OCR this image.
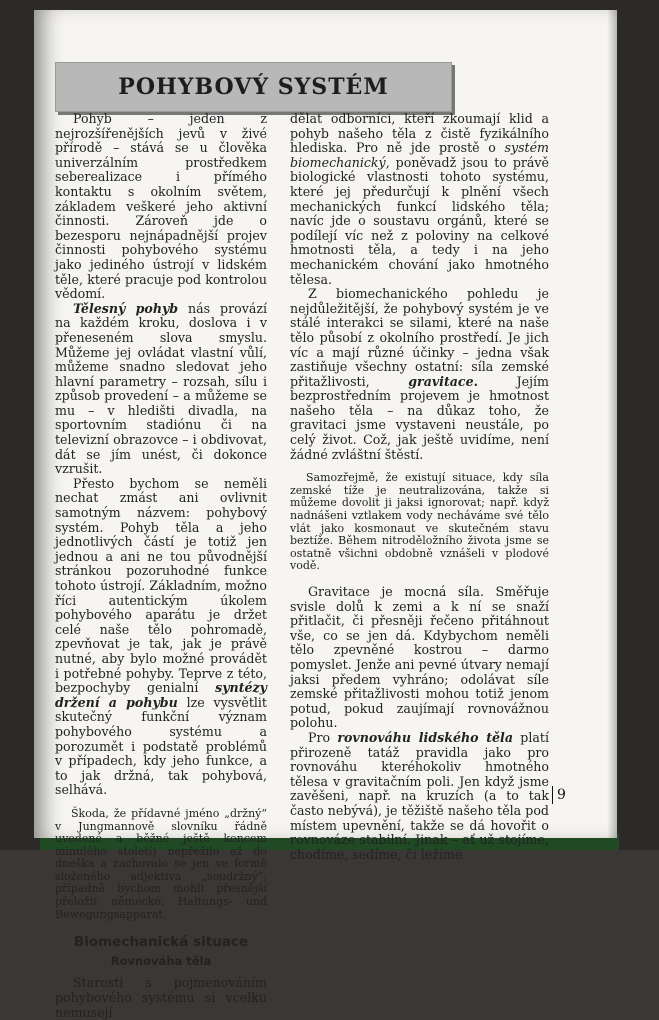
POHYBOVÝ SYSTÉM

Pohyb – jeden z nejrozšířenějších jevů v živé přírodě – stává se u člověka univerzálním prostředkem seberealizace i přímého kontaktu s okolním světem, základem veškeré jeho aktivní činnosti. Zároveň jde o bezesporu nejnápadnější projev činnosti pohybového systému jako jediného ústrojí v lidském těle, které pracuje pod kontrolou vědomí.

Tělesný pohyb nás provází na každém kroku, doslova i v přeneseném slova smyslu. Můžeme jej ovládat vlastní vůlí, můžeme snadno sledovat jeho hlavní parametry – rozsah, sílu i způsob provedení – a můžeme se mu – v hledišti divadla, na sportovním stadiónu či na televizní obrazovce – i obdivovat, dát se jím unést, či dokonce vzrušit.

Přesto bychom se neměli nechat zmást ani ovlivnit samotným názvem: pohybový systém. Pohyb těla a jeho jednotlivých částí je totiž jen jednou a ani ne tou původnější stránkou pozoruhodné funkce tohoto ústrojí. Základním, možno říci autentickým úkolem pohybového aparátu je držet celé naše tělo pohromadě, zpevňovat je tak, jak je právě nutné, aby bylo možné provádět i potřebné pohyby. Teprve z této, bezpochyby genialní syntézy držení a pohybu lze vysvětlit skutečný funkční význam pohybového systému a porozumět i podstatě problémů v případech, kdy jeho funkce, a to jak držná, tak pohybová, selhává.

Škoda, že přídavné jméno „držný“ v Jungmannově slovníku řádně uvedené a běžné ještě koncem minulého století) nepřežilo až do dneška a zachovalo se jen ve formě složeného adjektiva „soudržný“; případně bychom mohli přesnější přeložit německé: Haltungs- und Bewegungsapparat.

Biomechanická situace
Rovnováha těla

Starosti s pojmenováním pohybového systému si vcelku nemusejí

dělat odborníci, kteří zkoumají klid a pohyb našeho těla z čistě fyzikálního hlediska. Pro ně jde prostě o systém biomechanický, poněvadž jsou to právě biologické vlastnosti tohoto systému, které jej předurčují k plnění všech mechanických funkcí lidského těla; navíc jde o soustavu orgánů, které se podílejí víc než z poloviny na celkové hmotnosti těla, a tedy i na jeho mechanickém chování jako hmotného tělesa.

Z biomechanického pohledu je nejdůležitější, že pohybový systém je ve stálé interakci se silami, které na naše tělo působí z okolního prostředí. Je jich víc a mají různé účinky – jedna však zastiňuje všechny ostatní: síla zemské přitažlivosti, gravitace. Jejím bezprostředním projevem je hmotnost našeho těla – na důkaz toho, že gravitaci jsme vystaveni neustále, po celý život. Což, jak ještě uvidíme, není žádné zvláštní štěstí.

Samozřejmě, že existují situace, kdy síla zemské tíže je neutralizována, takže si můžeme dovolit ji jaksi ignorovat; např. když nadnášeni vztlakem vody necháváme své tělo vlát jako kosmonaut ve skutečném stavu beztíže. Během nitroděložního života jsme se ostatně všichni obdobně vznášeli v plodové vodě.

Gravitace je mocná síla. Směřuje svisle dolů k zemi a k ní se snaží přitlačit, či přesněji řečeno přitáhnout vše, co se jen dá. Kdybychom neměli tělo zpevněné kostrou – darmo pomyslet. Jenže ani pevné útvary nemají jaksi předem vyhráno; odolávat síle zemské přitažlivosti mohou totiž jenom potud, pokud zaujímají rovnovážnou polohu.

Pro rovnováhu lidského těla platí přirozeně tatáž pravidla jako pro rovnováhu kteréhokoliv hmotného tělesa v gravitačním poli. Jen když jsme zavěšeni, např. na kruzích (a to tak často nebývá), je těžiště našeho těla pod místem upevnění, takže se dá hovořit o rovnováze stabilní. Jinak – ať už stojíme, chodíme, sedíme, či ležíme

9
